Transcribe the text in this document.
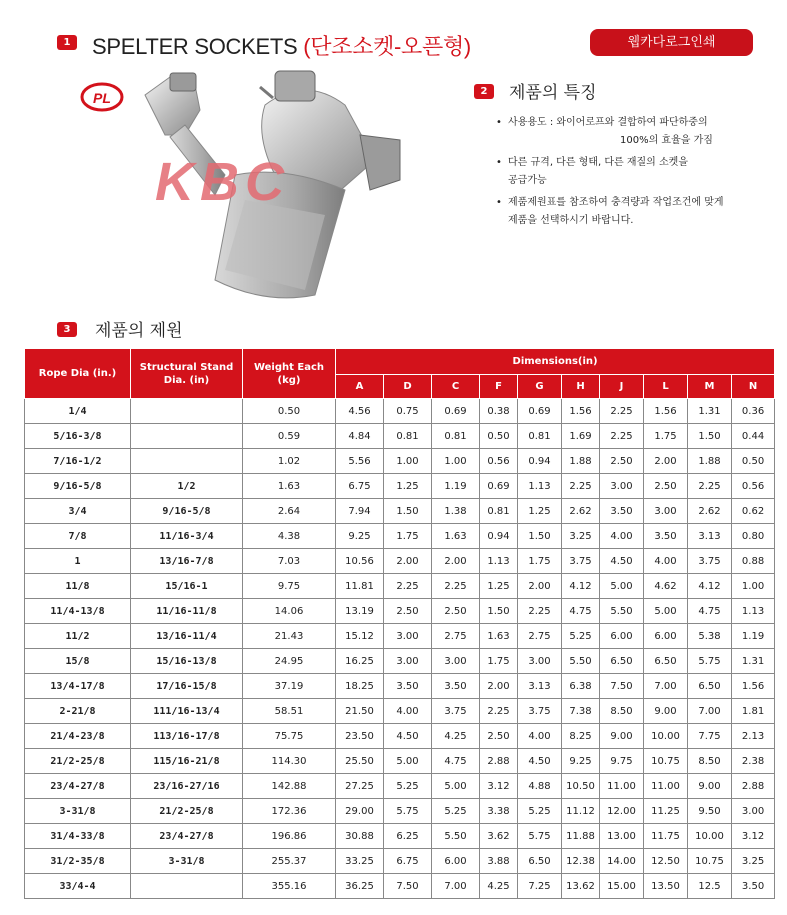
1 SPELTER SOCKETS (단조소켓-오픈형)	웹카다로그인쇄
PL
KBC
2	제품의 특징
• 사용용도 : 와이어로프와 결합하여 파단하중의
100%의 효율을 가짐
• 다른 규격, 다른 형태, 다른 재질의 소켓을
공급가능
• 제품제원표를 참조하여 충격량과 작업조건에 맞게
제품을 선택하시기 바랍니다.
3	제품의 제원
Rope Dia (in.)	Structural Stand Dia. (in)	Weight Each (kg)	Dimensions(in)									
			A	D	C	F	G	H	J	L	M	N
1/4		0.50	4.56	0.75	0.69	0.38	0.69	1.56	2.25	1.56	1.31	0.36
5/16-3/8		0.59	4.84	0.81	0.81	0.50	0.81	1.69	2.25	1.75	1.50	0.44
7/16-1/2		1.02	5.56	1.00	1.00	0.56	0.94	1.88	2.50	2.00	1.88	0.50
9/16-5/8	1/2	1.63	6.75	1.25	1.19	0.69	1.13	2.25	3.00	2.50	2.25	0.56
3/4	9/16-5/8	2.64	7.94	1.50	1.38	0.81	1.25	2.62	3.50	3.00	2.62	0.62
7/8	11/16-3/4	4.38	9.25	1.75	1.63	0.94	1.50	3.25	4.00	3.50	3.13	0.80
1	13/16-7/8	7.03	10.56	2.00	2.00	1.13	1.75	3.75	4.50	4.00	3.75	0.88
11/8	15/16-1	9.75	11.81	2.25	2.25	1.25	2.00	4.12	5.00	4.62	4.12	1.00
11/4-13/8	11/16-11/8	14.06	13.19	2.50	2.50	1.50	2.25	4.75	5.50	5.00	4.75	1.13
11/2	13/16-11/4	21.43	15.12	3.00	2.75	1.63	2.75	5.25	6.00	6.00	5.38	1.19
15/8	15/16-13/8	24.95	16.25	3.00	3.00	1.75	3.00	5.50	6.50	6.50	5.75	1.31
13/4-17/8	17/16-15/8	37.19	18.25	3.50	3.50	2.00	3.13	6.38	7.50	7.00	6.50	1.56
2-21/8	111/16-13/4	58.51	21.50	4.00	3.75	2.25	3.75	7.38	8.50	9.00	7.00	1.81
21/4-23/8	113/16-17/8	75.75	23.50	4.50	4.25	2.50	4.00	8.25	9.00	10.00	7.75	2.13
21/2-25/8	115/16-21/8	114.30	25.50	5.00	4.75	2.88	4.50	9.25	9.75	10.75	8.50	2.38
23/4-27/8	23/16-27/16	142.88	27.25	5.25	5.00	3.12	4.88	10.50	11.00	11.00	9.00	2.88
3-31/8	21/2-25/8	172.36	29.00	5.75	5.25	3.38	5.25	11.12	12.00	11.25	9.50	3.00
31/4-33/8	23/4-27/8	196.86	30.88	6.25	5.50	3.62	5.75	11.88	13.00	11.75	10.00	3.12
31/2-35/8	3-31/8	255.37	33.25	6.75	6.00	3.88	6.50	12.38	14.00	12.50	10.75	3.25
33/4-4		355.16	36.25	7.50	7.00	4.25	7.25	13.62	15.00	13.50	12.5	3.50
